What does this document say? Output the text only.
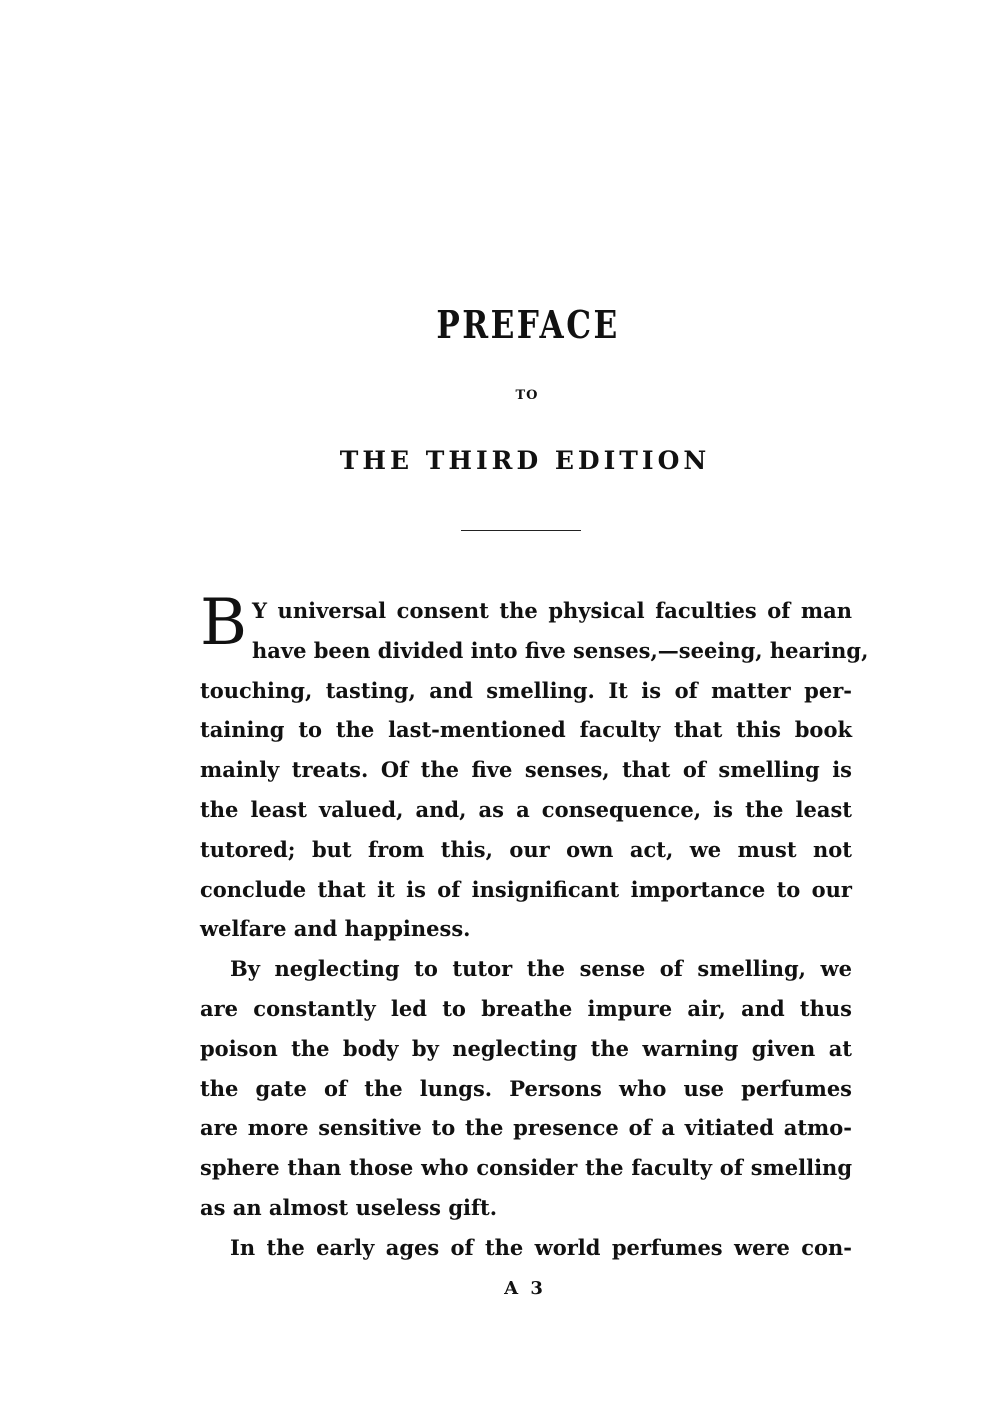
PREFACE
TO
THE THIRD EDITION
B Y universal consent the physical faculties of man
have been divided into five senses,—seeing, hearing,
touching, tasting, and smelling. It is of matter per-
taining to the last-mentioned faculty that this book
mainly treats. Of the five senses, that of smelling is
the least valued, and, as a consequence, is the least
tutored; but from this, our own act, we must not
conclude that it is of insignificant importance to our
welfare and happiness.
By neglecting to tutor the sense of smelling, we
are constantly led to breathe impure air, and thus
poison the body by neglecting the warning given at
the gate of the lungs. Persons who use perfumes
are more sensitive to the presence of a vitiated atmo-
sphere than those who consider the faculty of smelling
as an almost useless gift.
In the early ages of the world perfumes were con-
A 3
